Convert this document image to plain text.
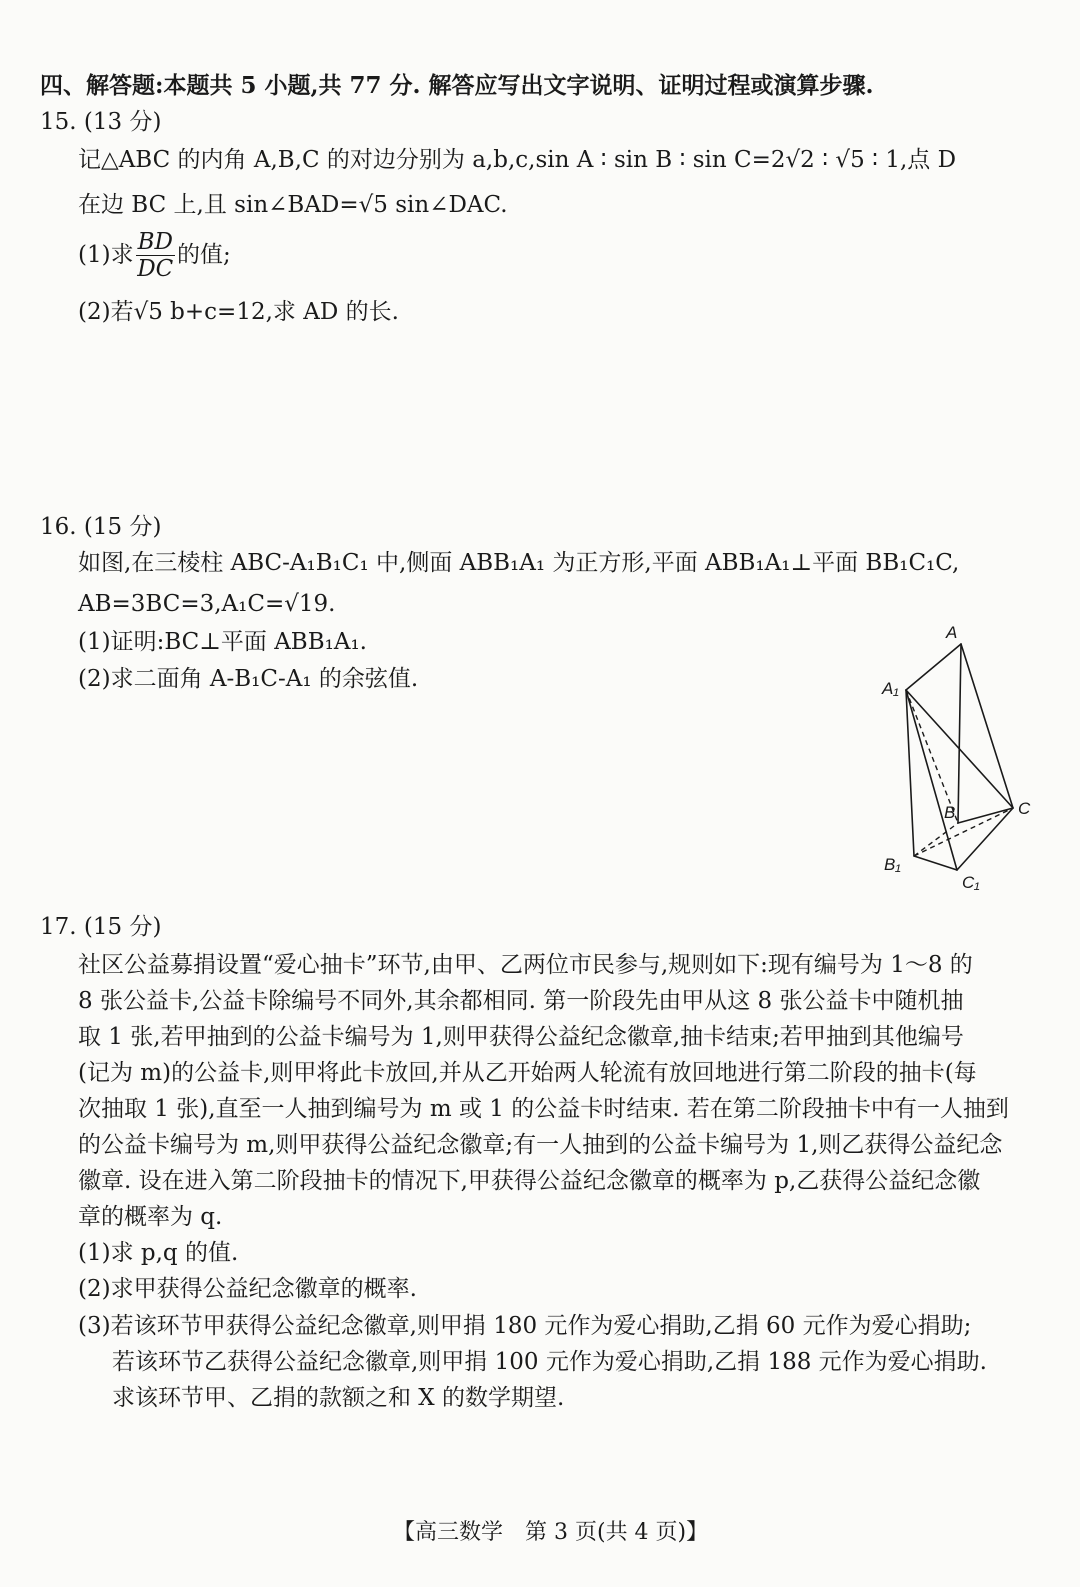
四、解答题:本题共 5 小题,共 77 分. 解答应写出文字说明、证明过程或演算步骤.
15. (13 分)
记△ABC 的内角 A,B,C 的对边分别为 a,b,c,sin A ∶ sin B ∶ sin C=2√2 ∶ √5 ∶ 1,点 D
在边 BC 上,且 sin∠BAD=√5 sin∠DAC.
(1)求 $\frac{BD}{DC}$ 的值;
(2)若√5 b+c=12,求 AD 的长.
16. (15 分)
如图,在三棱柱 ABC-A₁B₁C₁ 中,侧面 ABB₁A₁ 为正方形,平面 ABB₁A₁⊥平面 BB₁C₁C,
AB=3BC=3,A₁C=√19.
(1)证明:BC⊥平面 ABB₁A₁.
(2)求二面角 A-B₁C-A₁ 的余弦值.
A
A₁
B	C
B₁
C₁
17. (15 分)
社区公益募捐设置“爱心抽卡”环节,由甲、乙两位市民参与,规则如下:现有编号为 1～8 的
8 张公益卡,公益卡除编号不同外,其余都相同. 第一阶段先由甲从这 8 张公益卡中随机抽
取 1 张,若甲抽到的公益卡编号为 1,则甲获得公益纪念徽章,抽卡结束;若甲抽到其他编号
(记为 m)的公益卡,则甲将此卡放回,并从乙开始两人轮流有放回地进行第二阶段的抽卡(每
次抽取 1 张),直至一人抽到编号为 m 或 1 的公益卡时结束. 若在第二阶段抽卡中有一人抽到
的公益卡编号为 m,则甲获得公益纪念徽章;有一人抽到的公益卡编号为 1,则乙获得公益纪念
徽章. 设在进入第二阶段抽卡的情况下,甲获得公益纪念徽章的概率为 p,乙获得公益纪念徽
章的概率为 q.
(1)求 p,q 的值.
(2)求甲获得公益纪念徽章的概率.
(3)若该环节甲获得公益纪念徽章,则甲捐 180 元作为爱心捐助,乙捐 60 元作为爱心捐助;
若该环节乙获得公益纪念徽章,则甲捐 100 元作为爱心捐助,乙捐 188 元作为爱心捐助.
求该环节甲、乙捐的款额之和 X 的数学期望.
【高三数学　第 3 页(共 4 页)】
